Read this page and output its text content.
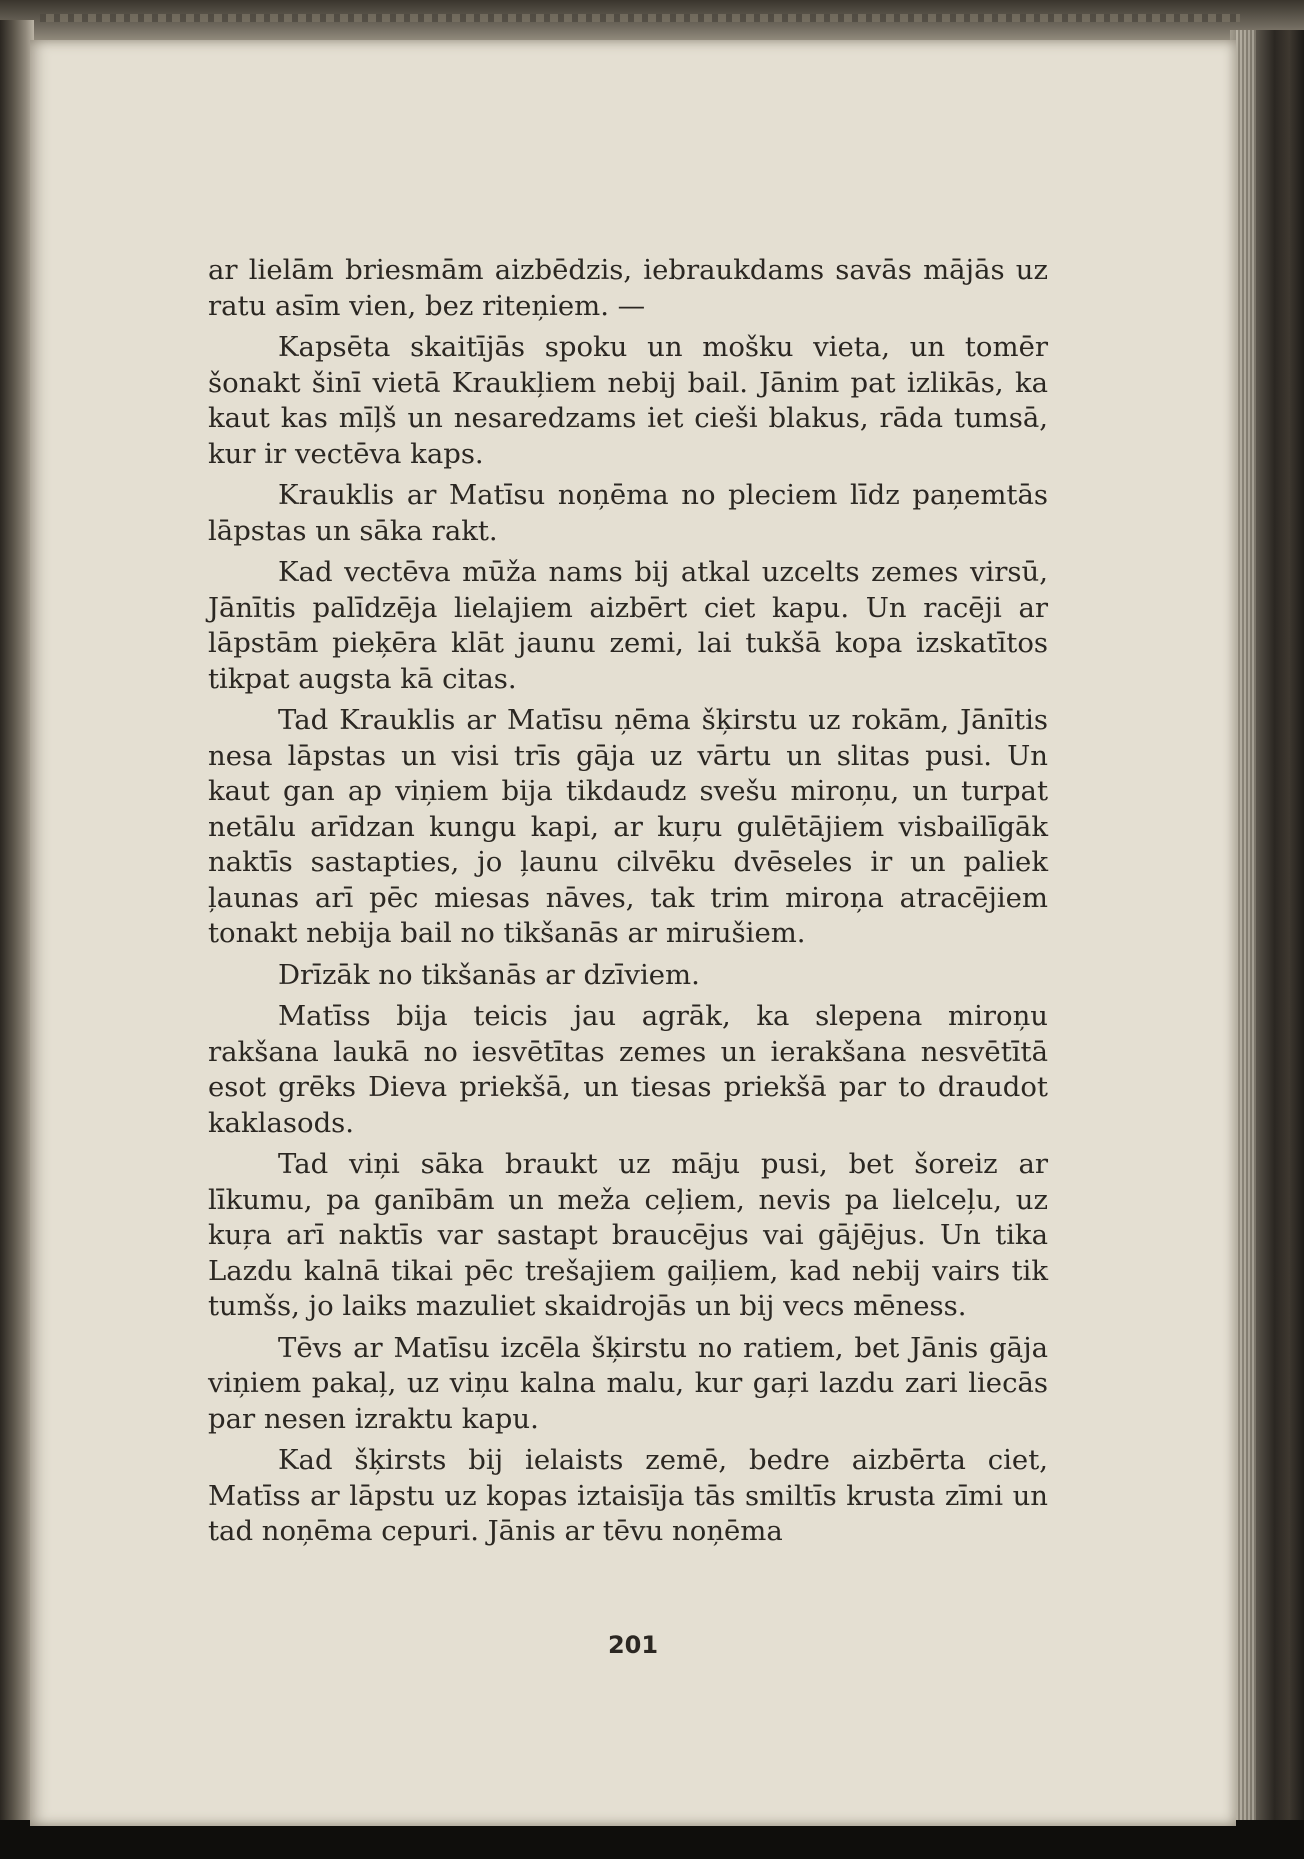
ar lielām briesmām aizbēdzis, iebraukdams savās mājās uz ratu asīm vien, bez riteņiem. —

Kapsēta skaitījās spoku un mošku vieta, un tomēr šonakt šinī vietā Kraukļiem nebij bail. Jānim pat izlikās, ka kaut kas mīļš un nesaredzams iet cieši blakus, rāda tumsā, kur ir vectēva kaps.

Krauklis ar Matīsu noņēma no pleciem līdz paņemtās lāpstas un sāka rakt.

Kad vectēva mūža nams bij atkal uzcelts zemes virsū, Jānītis palīdzēja lielajiem aizbērt ciet kapu. Un racēji ar lāpstām pieķēra klāt jaunu zemi, lai tukšā kopa izskatītos tikpat augsta kā citas.

Tad Krauklis ar Matīsu ņēma šķirstu uz rokām, Jānītis nesa lāpstas un visi trīs gāja uz vārtu un slitas pusi. Un kaut gan ap viņiem bija tikdaudz svešu miroņu, un turpat netālu arīdzan kungu kapi, ar kuŗu gulētājiem visbailīgāk naktīs sastapties, jo ļaunu cilvēku dvēseles ir un paliek ļaunas arī pēc miesas nāves, tak trim miroņa atracējiem tonakt nebija bail no tikšanās ar mirušiem.

Drīzāk no tikšanās ar dzīviem.

Matīss bija teicis jau agrāk, ka slepena miroņu rakšana laukā no iesvētītas zemes un ierakšana nesvētītā esot grēks Dieva priekšā, un tiesas priekšā par to draudot kaklasods.

Tad viņi sāka braukt uz māju pusi, bet šoreiz ar līkumu, pa ganībām un meža ceļiem, nevis pa lielceļu, uz kuŗa arī naktīs var sastapt braucējus vai gājējus. Un tika Lazdu kalnā tikai pēc trešajiem gaiļiem, kad nebij vairs tik tumšs, jo laiks mazuliet skaidrojās un bij vecs mēness.

Tēvs ar Matīsu izcēla šķirstu no ratiem, bet Jānis gāja viņiem pakaļ, uz viņu kalna malu, kur gaŗi lazdu zari liecās par nesen izraktu kapu.

Kad šķirsts bij ielaists zemē, bedre aizbērta ciet, Matīss ar lāpstu uz kopas iztaisīja tās smiltīs krusta zīmi un tad noņēma cepuri. Jānis ar tēvu noņēma

201
